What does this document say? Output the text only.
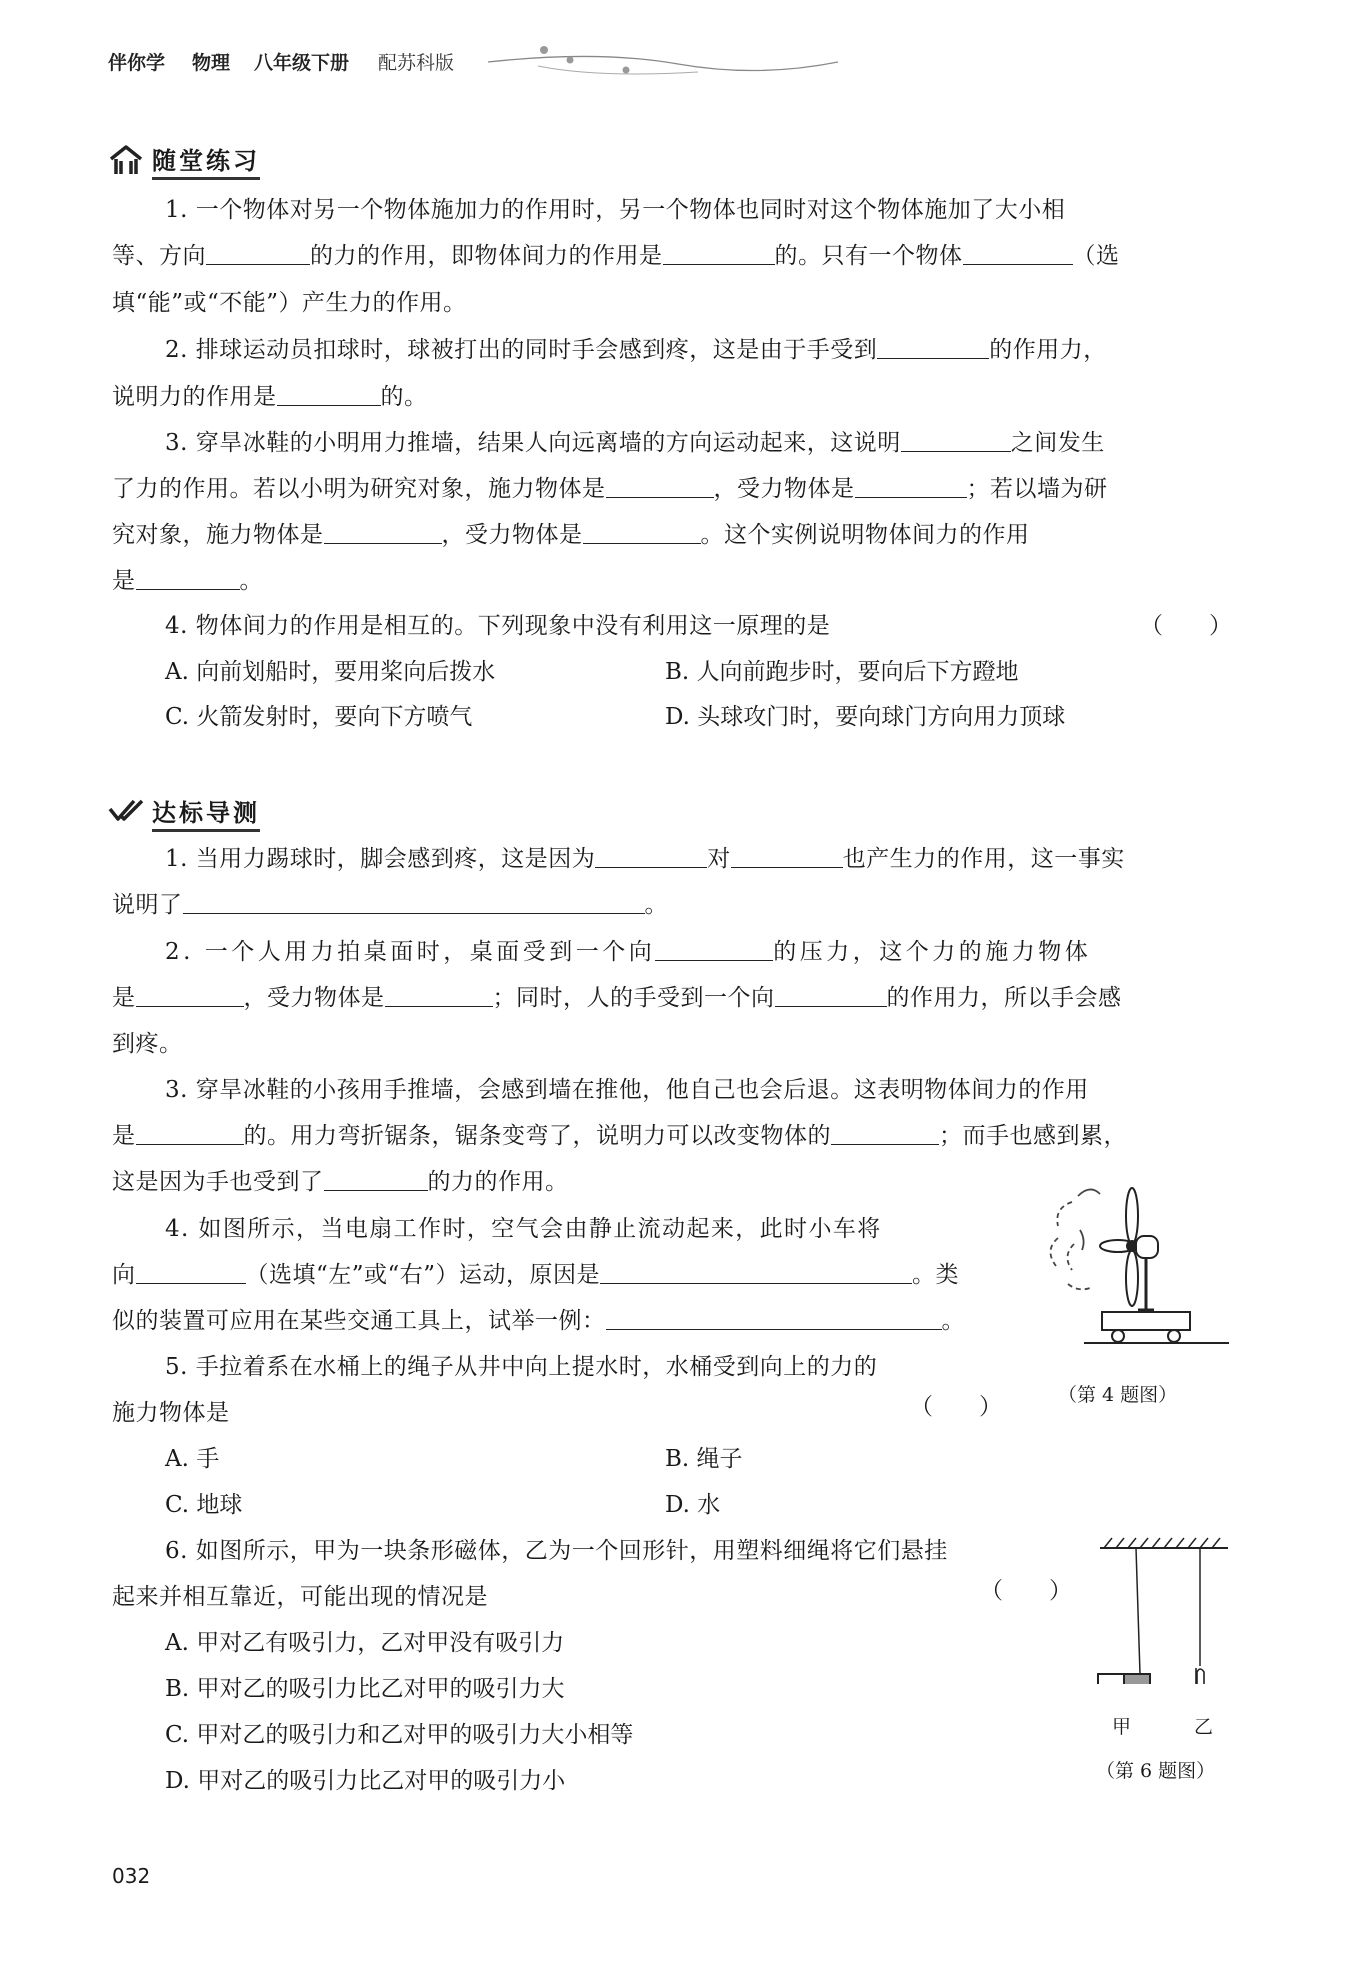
伴你学 物理 八年级下册 配苏科版
随堂练习
1. 一个物体对另一个物体施加力的作用时，另一个物体也同时对这个物体施加了大小相
等、方向	的力的作用，即物体间力的作用是	的。只有一个物体	（选
填“能”或“不能”）产生力的作用。
2. 排球运动员扣球时，球被打出的同时手会感到疼，这是由于手受到	的作用力，
说明力的作用是	的。
3. 穿旱冰鞋的小明用力推墙，结果人向远离墙的方向运动起来，这说明	之间发生
了力的作用。若以小明为研究对象，施力物体是	，受力物体是	；若以墙为研
究对象，施力物体是	，受力物体是	。这个实例说明物体间力的作用
是	。
4. 物体间力的作用是相互的。下列现象中没有利用这一原理的是	（　　）
A. 向前划船时，要用桨向后拨水	B. 人向前跑步时，要向后下方蹬地
C. 火箭发射时，要向下方喷气	D. 头球攻门时，要向球门方向用力顶球
达标导测
1. 当用力踢球时，脚会感到疼，这是因为	对	也产生力的作用，这一事实
说明了	。
2. 一个人用力拍桌面时，桌面受到一个向	的压力，这个力的施力物体
是	，受力物体是	；同时，人的手受到一个向	的作用力，所以手会感
到疼。
3. 穿旱冰鞋的小孩用手推墙，会感到墙在推他，他自己也会后退。这表明物体间力的作用
是	的。用力弯折锯条，锯条变弯了，说明力可以改变物体的	；而手也感到累，
这是因为手也受到了	的力的作用。
4. 如图所示，当电扇工作时，空气会由静止流动起来，此时小车将
向	（选填“左”或“右”）运动，原因是	。类
似的装置可应用在某些交通工具上，试举一例：	。
（第 4 题图）
5. 手拉着系在水桶上的绳子从井中向上提水时，水桶受到向上的力的
施力物体是	（　　）
A. 手	B. 绳子
C. 地球	D. 水
6. 如图所示，甲为一块条形磁体，乙为一个回形针，用塑料细绳将它们悬挂
起来并相互靠近，可能出现的情况是	（　　）
A. 甲对乙有吸引力，乙对甲没有吸引力
B. 甲对乙的吸引力比乙对甲的吸引力大
C. 甲对乙的吸引力和乙对甲的吸引力大小相等
D. 甲对乙的吸引力比乙对甲的吸引力小
甲	乙
（第 6 题图）
032
